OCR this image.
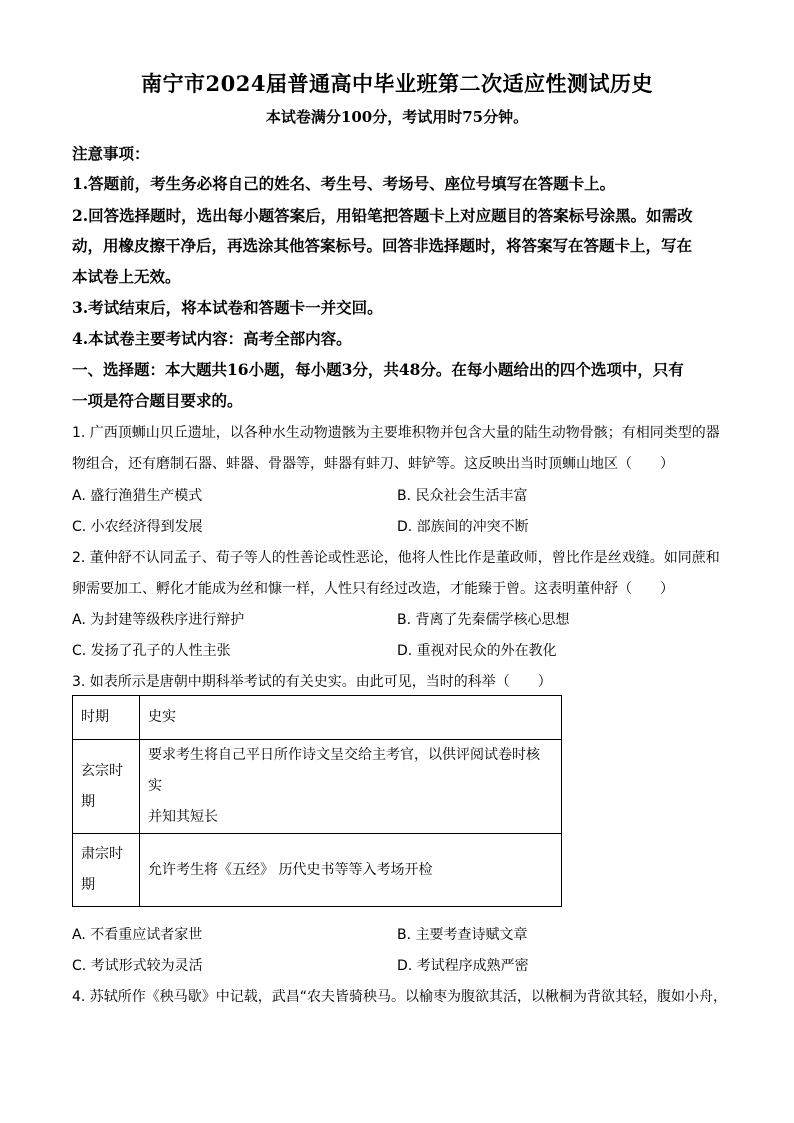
南宁市2024届普通高中毕业班第二次适应性测试历史
本试卷满分100分，考试用时75分钟。
注意事项：
1.答题前，考生务必将自己的姓名、考生号、考场号、座位号填写在答题卡上。
2.回答选择题时，选出每小题答案后，用铅笔把答题卡上对应题目的答案标号涂黑。如需改
动，用橡皮擦干净后，再选涂其他答案标号。回答非选择题时，将答案写在答题卡上，写在
本试卷上无效。
3.考试结束后，将本试卷和答题卡一并交回。
4.本试卷主要考试内容：高考全部内容。
一、选择题：本大题共16小题，每小题3分，共48分。在每小题给出的四个选项中，只有
一项是符合题目要求的。
1. 广西顶蛳山贝丘遗址，以各种水生动物遗骸为主要堆积物并包含大量的陆生动物骨骸；有相同类型的器
物组合，还有磨制石器、蚌器、骨器等，蚌器有蚌刀、蚌铲等。这反映出当时顶蛳山地区（　　）
A. 盛行渔猎生产模式	B. 民众社会生活丰富
C. 小农经济得到发展	D. 部族间的冲突不断
2. 董仲舒不认同孟子、荀子等人的性善论或性恶论，他将人性比作是董政师，曾比作是丝戏缝。如同蔗和
卵需要加工、孵化才能成为丝和慷一样，人性只有经过改造，才能臻于曾。这表明董仲舒（　　）
A. 为封建等级秩序进行辩护	B. 背离了先秦儒学核心思想
C. 发扬了孔子的人性主张	D. 重视对民众的外在教化
3. 如表所示是唐朝中期科举考试的有关史实。由此可见，当时的科举（　　）
时期	史实
玄宗时
期	要求考生将自己平日所作诗文呈交给主考官，以供评阅试卷时核实
并知其短长
肃宗时
期	允许考生将《五经》 历代史书等等入考场开检
A. 不看重应试者家世	B. 主要考查诗赋文章
C. 考试形式较为灵活	D. 考试程序成熟严密
4. 苏轼所作《秧马歇》中记载，武昌“农夫皆骑秧马。以榆枣为腹欲其活，以楸桐为背欲其轻，腹如小舟，
